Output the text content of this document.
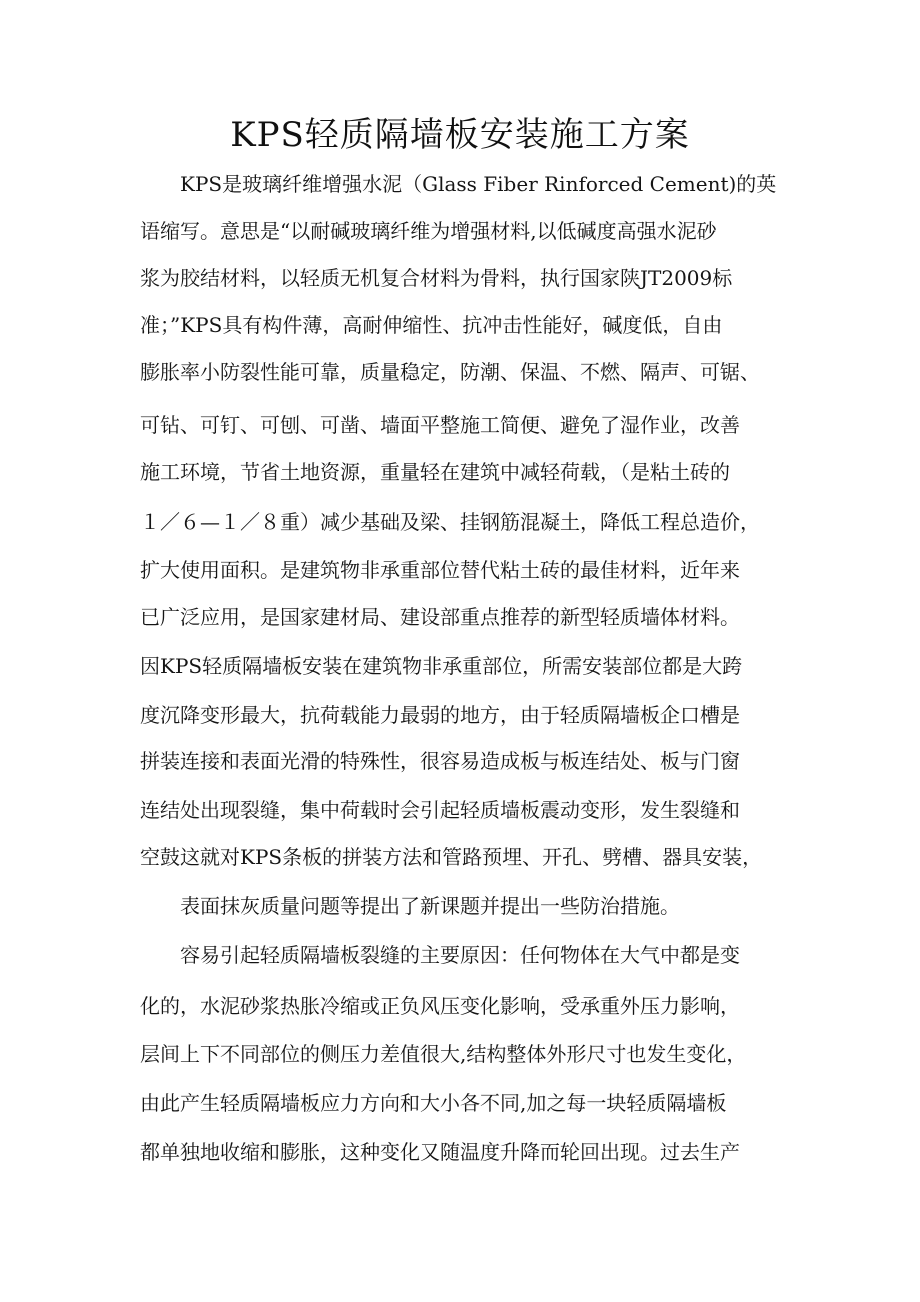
KPS轻质隔墙板安装施工方案
　　KPS是玻璃纤维增强水泥（Glass Fiber Rinforced Cement)的英
语缩写。意思是“以耐碱玻璃纤维为增强材料,以低碱度高强水泥砂
浆为胶结材料，以轻质无机复合材料为骨料，执行国家陕JT2009标
准；”KPS具有构件薄，高耐伸缩性、抗冲击性能好，碱度低，自由
膨胀率小防裂性能可靠，质量稳定，防潮、保温、不燃、隔声、可锯、
可钻、可钉、可刨、可凿、墙面平整施工简便、避免了湿作业，改善
施工环境，节省土地资源，重量轻在建筑中减轻荷载，（是粘土砖的
１／６—１／８重）减少基础及梁、挂钢筋混凝土，降低工程总造价，
扩大使用面积。是建筑物非承重部位替代粘土砖的最佳材料，近年来
已广泛应用，是国家建材局、建设部重点推荐的新型轻质墙体材料。
因KPS轻质隔墙板安装在建筑物非承重部位，所需安装部位都是大跨
度沉降变形最大，抗荷载能力最弱的地方，由于轻质隔墙板企口槽是
拼装连接和表面光滑的特殊性，很容易造成板与板连结处、板与门窗
连结处出现裂缝，集中荷载时会引起轻质墙板震动变形，发生裂缝和
空鼓这就对KPS条板的拼装方法和管路预埋、开孔、劈槽、器具安装，
　　表面抹灰质量问题等提出了新课题并提出一些防治措施。
　　容易引起轻质隔墙板裂缝的主要原因：任何物体在大气中都是变
化的，水泥砂浆热胀冷缩或正负风压变化影响，受承重外压力影响，
层间上下不同部位的侧压力差值很大,结构整体外形尺寸也发生变化，
由此产生轻质隔墙板应力方向和大小各不同,加之每一块轻质隔墙板
都单独地收缩和膨胀，这种变化又随温度升降而轮回出现。过去生产
